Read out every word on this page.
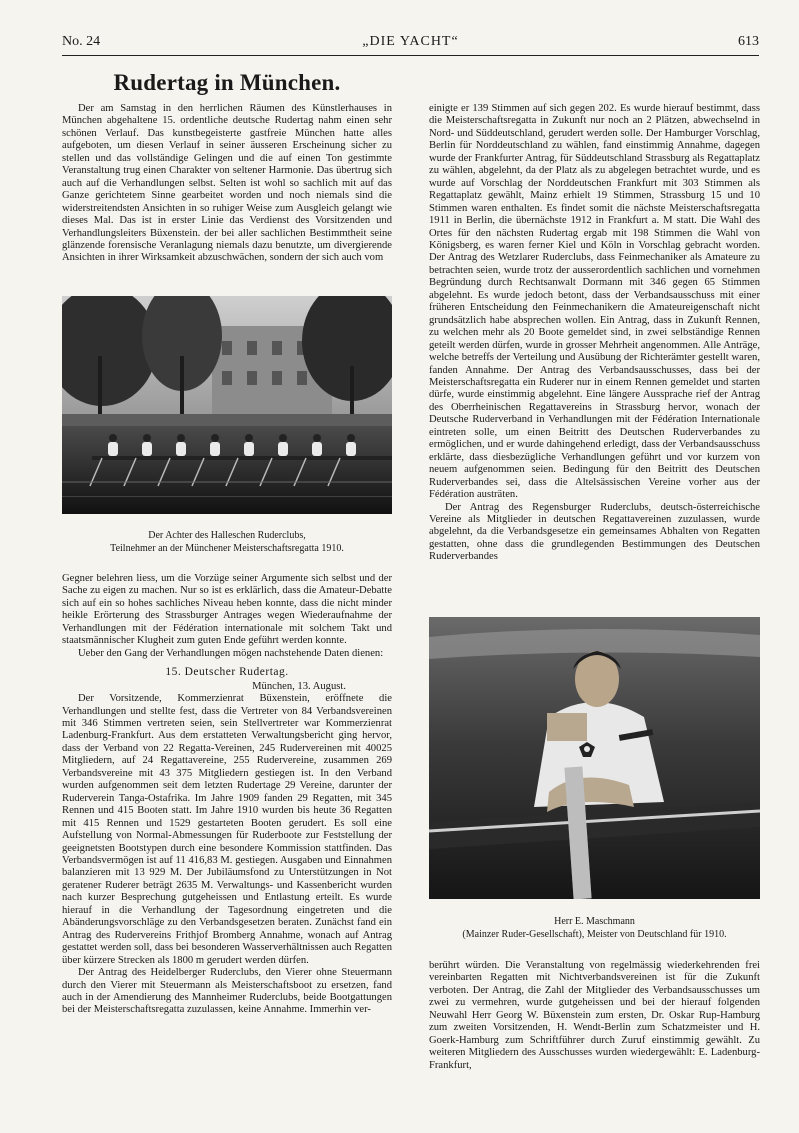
No. 24	„DIE YACHT“	613
Rudertag in München.

Der am Samstag in den herrlichen Räumen des Künstlerhauses in München abgehaltene 15. ordentliche deutsche Rudertag nahm einen sehr schönen Verlauf. Das kunstbegeisterte gastfreie München hatte alles aufgeboten, um diesen Verlauf in seiner äusseren Erscheinung sicher zu stellen und das vollständige Gelingen und die auf einen Ton gestimmte Veranstaltung trug einen Charakter von seltener Harmonie. Das übertrug sich auch auf die Verhandlungen selbst. Selten ist wohl so sachlich mit auf das Ganze gerichtetem Sinne gearbeitet worden und noch niemals sind die widerstreitendsten Ansichten in so ruhiger Weise zum Ausgleich gelangt wie dieses Mal. Das ist in erster Linie das Verdienst des Vorsitzenden und Verhandlungsleiters Büxenstein. der bei aller sachlichen Bestimmtheit seine glänzende forensische Veranlagung niemals dazu benutzte, um divergierende Ansichten in ihrer Wirksamkeit abzuschwächen, sondern der sich auch vom

Der Achter des Halleschen Ruderclubs,
Teilnehmer an der Münchener Meisterschaftsregatta 1910.

Gegner belehren liess, um die Vorzüge seiner Argumente sich selbst und der Sache zu eigen zu machen. Nur so ist es erklärlich, dass die Amateur-Debatte sich auf ein so hohes sachliches Niveau heben konnte, dass die nicht minder heikle Erörterung des Strassburger Antrages wegen Wiederaufnahme der Verhandlungen mit der Fédération internationale mit solchem Takt und staatsmännischer Klugheit zum guten Ende geführt werden konnte.

Ueber den Gang der Verhandlungen mögen nachstehende Daten dienen:

15. Deutscher Rudertag.

München, 13. August.

Der Vorsitzende, Kommerzienrat Büxenstein, eröffnete die Verhandlungen und stellte fest, dass die Vertreter von 84 Verbandsvereinen mit 346 Stimmen vertreten seien, sein Stellvertreter war Kommerzienrat Ladenburg-Frankfurt. Aus dem erstatteten Verwaltungsbericht ging hervor, dass der Verband von 22 Regatta-Vereinen, 245 Rudervereinen mit 40025 Mitgliedern, auf 24 Regattavereine, 255 Rudervereine, zusammen 269 Verbandsvereine mit 43 375 Mitgliedern gestiegen ist. In den Verband wurden aufgenommen seit dem letzten Rudertage 29 Vereine, darunter der Ruderverein Tanga-Ostafrika. Im Jahre 1909 fanden 29 Regatten, mit 345 Rennen und 415 Booten statt. Im Jahre 1910 wurden bis heute 36 Regatten mit 415 Rennen und 1529 gestarteten Booten gerudert. Es soll eine Aufstellung von Normal-Abmessungen für Ruderboote zur Feststellung der geeignetsten Bootstypen durch eine besondere Kommission stattfinden. Das Verbandsvermögen ist auf 11 416,83 M. gestiegen. Ausgaben und Einnahmen balanzieren mit 13 929 M. Der Jubiläumsfond zu Unterstützungen in Not geratener Ruderer beträgt 2635 M. Verwaltungs- und Kassenbericht wurden nach kurzer Besprechung gutgeheissen und Entlastung erteilt. Es wurde hierauf in die Verhandlung der Tagesordnung eingetreten und die Abänderungsvorschläge zu den Verbandsgesetzen beraten. Zunächst fand ein Antrag des Rudervereins Frithjof Bromberg Annahme, wonach auf Antrag gestattet werden soll, dass bei besonderen Wasserverhältnissen auch Regatten über kürzere Strecken als 1800 m gerudert werden dürfen.

Der Antrag des Heidelberger Ruderclubs, den Vierer ohne Steuermann durch den Vierer mit Steuermann als Meisterschaftsboot zu ersetzen, fand auch in der Amendierung des Mannheimer Ruderclubs, beide Bootgattungen bei der Meisterschaftsregatta zuzulassen, keine Annahme. Immerhin ver-

einigte er 139 Stimmen auf sich gegen 202. Es wurde hierauf bestimmt, dass die Meisterschaftsregatta in Zukunft nur noch an 2 Plätzen, abwechselnd in Nord- und Süddeutschland, gerudert werden solle. Der Hamburger Vorschlag, Berlin für Norddeutschland zu wählen, fand einstimmig Annahme, dagegen wurde der Frankfurter Antrag, für Süddeutschland Strassburg als Regattaplatz zu wählen, abgelehnt, da der Platz als zu abgelegen betrachtet wurde, und es wurde auf Vorschlag der Norddeutschen Frankfurt mit 303 Stimmen als Regattaplatz gewählt, Mainz erhielt 19 Stimmen, Strassburg 15 und 10 Stimmen waren enthalten. Es findet somit die nächste Meisterschaftsregatta 1911 in Berlin, die übernächste 1912 in Frankfurt a. M statt. Die Wahl des Ortes für den nächsten Rudertag ergab mit 198 Stimmen die Wahl von Königsberg, es waren ferner Kiel und Köln in Vorschlag gebracht worden. Der Antrag des Wetzlarer Ruderclubs, dass Feinmechaniker als Amateure zu betrachten seien, wurde trotz der ausserordentlich sachlichen und vornehmen Begründung durch Rechtsanwalt Dormann mit 346 gegen 65 Stimmen abgelehnt. Es wurde jedoch betont, dass der Verbandsausschuss mit einer früheren Entscheidung den Feinmechanikern die Amateureigenschaft nicht grundsätzlich habe absprechen wollen. Ein Antrag, dass in Zukunft Rennen, zu welchen mehr als 20 Boote gemeldet sind, in zwei selbständige Rennen geteilt werden dürfen, wurde in grosser Mehrheit angenommen. Alle Anträge, welche betreffs der Verteilung und Ausübung der Richterämter gestellt waren, fanden Annahme. Der Antrag des Verbandsausschusses, dass bei der Meisterschaftsregatta ein Ruderer nur in einem Rennen gemeldet und starten dürfe, wurde einstimmig abgelehnt. Eine längere Aussprache rief der Antrag des Oberrheinischen Regattavereins in Strassburg hervor, wonach der Deutsche Ruderverband in Verhandlungen mit der Fédération Internationale eintreten solle, um einen Beitritt des Deutschen Ruderverbandes zu ermöglichen, und er wurde dahingehend erledigt, dass der Verbandsausschuss erklärte, dass diesbezügliche Verhandlungen geführt und vor kurzem von neuem aufgenommen seien. Bedingung für den Beitritt des Deutschen Ruderverbandes sei, dass die Altelsässischen Vereine vorher aus der Fédération austräten.

Der Antrag des Regensburger Ruderclubs, deutsch-österreichische Vereine als Mitglieder in deutschen Regattavereinen zuzulassen, wurde abgelehnt, da die Verbandsgesetze ein gemeinsames Abhalten von Regatten gestatten, ohne dass die grundlegenden Bestimmungen des Deutschen Ruderverbandes

Herr E. Maschmann
(Mainzer Ruder-Gesellschaft), Meister von Deutschland für 1910.

berührt würden. Die Veranstaltung von regelmässig wiederkehrenden frei vereinbarten Regatten mit Nichtverbandsvereinen ist für die Zukunft verboten. Der Antrag, die Zahl der Mitglieder des Verbandsausschusses um zwei zu vermehren, wurde gutgeheissen und bei der hierauf folgenden Neuwahl Herr Georg W. Büxenstein zum ersten, Dr. Oskar Rup-Hamburg zum zweiten Vorsitzenden, H. Wendt-Berlin zum Schatzmeister und H. Goerk-Hamburg zum Schriftführer durch Zuruf einstimmig gewählt. Zu weiteren Mitgliedern des Ausschusses wurden wiedergewählt: E. Ladenburg-Frankfurt,
